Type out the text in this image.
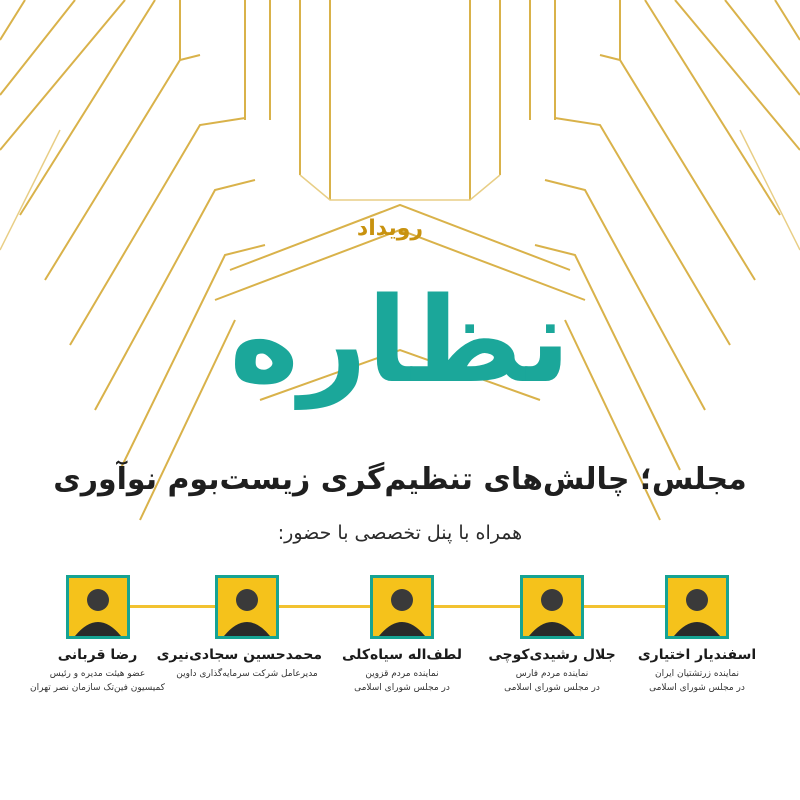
رویداد
نظاره
مجلس؛ چالش‌های تنظیم‌گری زیست‌بوم نوآوری
همراه با پنل تخصصی با حضور:
اسفندیار اختیاری
نماینده زرتشتیان ایران
در مجلس شورای اسلامی
جلال رشیدی‌کوچی
نماینده مردم فارس
در مجلس شورای اسلامی
لطف‌اله سیاه‌کلی
نماینده مردم قزوین
در مجلس شورای اسلامی
محمدحسین سجادی‌نیری
مدیرعامل شرکت سرمایه‌گذاری داوین
رضا قربانی
عضو هیئت مدیره و رئیس
کمیسیون فین‌تک سازمان نصر تهران
